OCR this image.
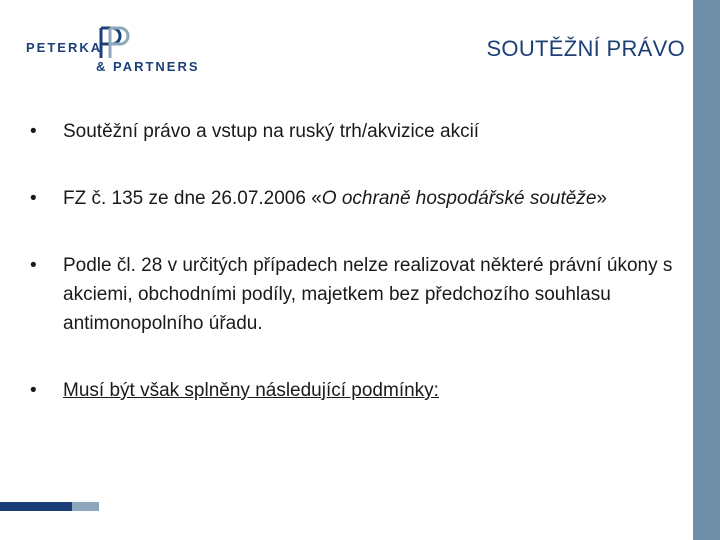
PETERKA
& PARTNERS
SOUTĚŽNÍ PRÁVO
•	Soutěžní právo a vstup na ruský trh/akvizice akcií
•	FZ č. 135 ze dne 26.07.2006 «O ochraně hospodářské soutěže»
•	Podle čl. 28 v určitých případech nelze realizovat některé právní úkony s akciemi, obchodními podíly, majetkem bez předchozího souhlasu antimonopolního úřadu.
•	Musí být však splněny následující podmínky:
